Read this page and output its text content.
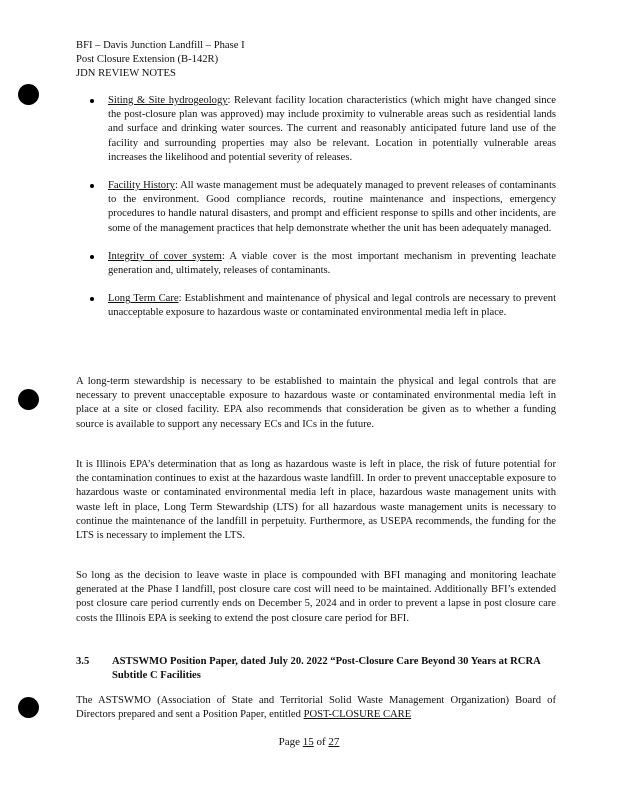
BFI – Davis Junction Landfill – Phase I
Post Closure Extension (B-142R)
JDN REVIEW NOTES
Siting & Site hydrogeology: Relevant facility location characteristics (which might have changed since the post-closure plan was approved) may include proximity to vulnerable areas such as residential lands and surface and drinking water sources. The current and reasonably anticipated future land use of the facility and surrounding properties may also be relevant. Location in potentially vulnerable areas increases the likelihood and potential severity of releases.
Facility History: All waste management must be adequately managed to prevent releases of contaminants to the environment. Good compliance records, routine maintenance and inspections, emergency procedures to handle natural disasters, and prompt and efficient response to spills and other incidents, are some of the management practices that help demonstrate whether the unit has been adequately managed.
Integrity of cover system: A viable cover is the most important mechanism in preventing leachate generation and, ultimately, releases of contaminants.
Long Term Care: Establishment and maintenance of physical and legal controls are necessary to prevent unacceptable exposure to hazardous waste or contaminated environmental media left in place.
A long-term stewardship is necessary to be established to maintain the physical and legal controls that are necessary to prevent unacceptable exposure to hazardous waste or contaminated environmental media left in place at a site or closed facility. EPA also recommends that consideration be given as to whether a funding source is available to support any necessary ECs and ICs in the future.
It is Illinois EPA’s determination that as long as hazardous waste is left in place, the risk of future potential for the contamination continues to exist at the hazardous waste landfill. In order to prevent unacceptable exposure to hazardous waste or contaminated environmental media left in place, hazardous waste management units with waste left in place, Long Term Stewardship (LTS) for all hazardous waste management units is necessary to continue the maintenance of the landfill in perpetuity. Furthermore, as USEPA recommends, the funding for the LTS is necessary to implement the LTS.
So long as the decision to leave waste in place is compounded with BFI managing and monitoring leachate generated at the Phase I landfill, post closure care cost will need to be maintained. Additionally BFI’s extended post closure care period currently ends on December 5, 2024 and in order to prevent a lapse in post closure care costs the Illinois EPA is seeking to extend the post closure care period for BFI.
3.5 ASTSWMO Position Paper, dated July 20. 2022 “Post-Closure Care Beyond 30 Years at RCRA Subtitle C Facilities
The ASTSWMO (Association of State and Territorial Solid Waste Management Organization) Board of Directors prepared and sent a Position Paper, entitled POST-CLOSURE CARE
Page 15 of 27
